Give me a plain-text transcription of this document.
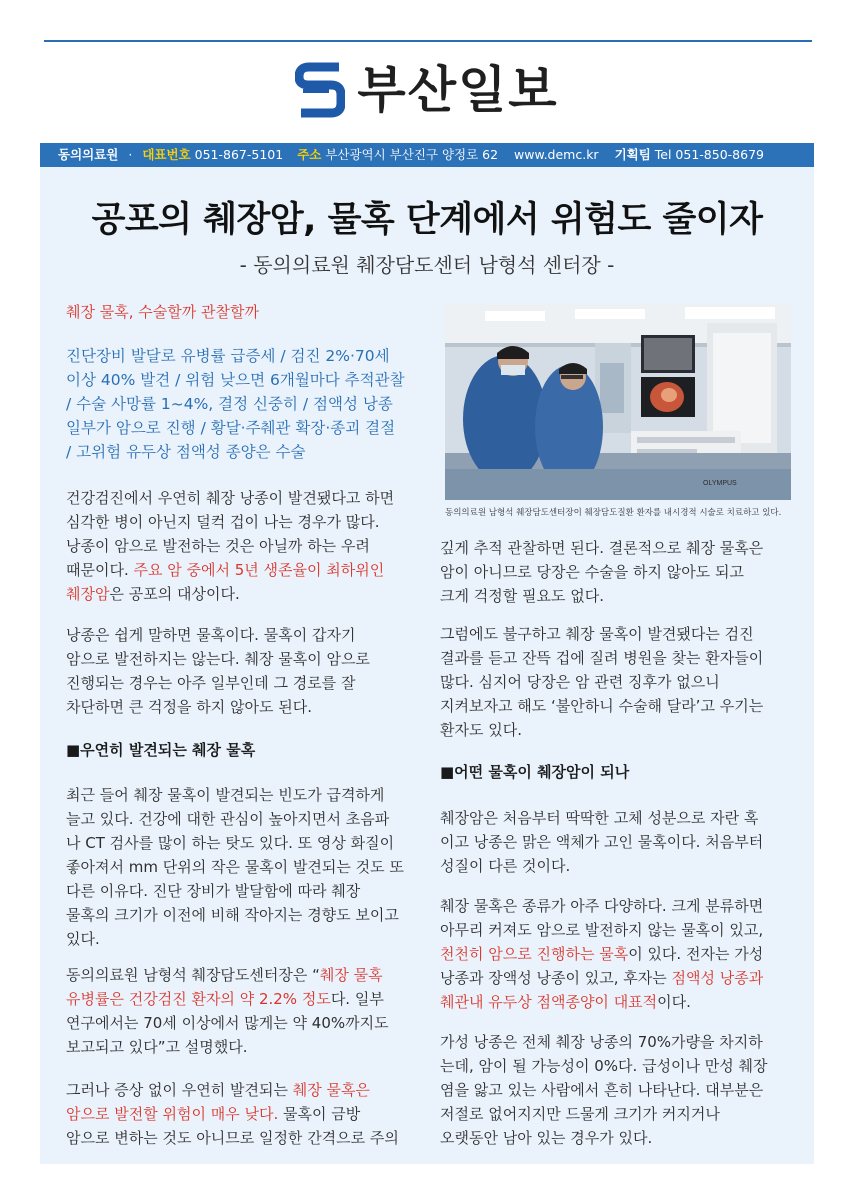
부산일보
동의의료원 · 대표번호 051-867-5101 주소 부산광역시 부산진구 양정로 62 www.demc.kr 기획팀 Tel 051-850-8679
공포의 췌장암, 물혹 단계에서 위험도 줄이자
- 동의의료원 췌장담도센터 남형석 센터장 -
췌장 물혹, 수술할까 관찰할까
진단장비 발달로 유병률 급증세 / 검진 2%·70세
이상 40% 발견 / 위험 낮으면 6개월마다 추적관찰
/ 수술 사망률 1~4%, 결정 신중히 / 점액성 낭종
일부가 암으로 진행 / 황달·주췌관 확장·종괴 결절
/ 고위험 유두상 점액성 종양은 수술
건강검진에서 우연히 췌장 낭종이 발견됐다고 하면
심각한 병이 아닌지 덜컥 겁이 나는 경우가 많다.
낭종이 암으로 발전하는 것은 아닐까 하는 우려
때문이다. 주요 암 중에서 5년 생존율이 최하위인
췌장암은 공포의 대상이다.
낭종은 쉽게 말하면 물혹이다. 물혹이 갑자기
암으로 발전하지는 않는다. 췌장 물혹이 암으로
진행되는 경우는 아주 일부인데 그 경로를 잘
차단하면 큰 걱정을 하지 않아도 된다.
■우연히 발견되는 췌장 물혹
최근 들어 췌장 물혹이 발견되는 빈도가 급격하게
늘고 있다. 건강에 대한 관심이 높아지면서 초음파
나 CT 검사를 많이 하는 탓도 있다. 또 영상 화질이
좋아져서 mm 단위의 작은 물혹이 발견되는 것도 또
다른 이유다. 진단 장비가 발달함에 따라 췌장
물혹의 크기가 이전에 비해 작아지는 경향도 보이고
있다.
동의의료원 남형석 췌장담도센터장은 “췌장 물혹
유병률은 건강검진 환자의 약 2.2% 정도다. 일부
연구에서는 70세 이상에서 많게는 약 40%까지도
보고되고 있다”고 설명했다.
그러나 증상 없이 우연히 발견되는 췌장 물혹은
암으로 발전할 위험이 매우 낮다. 물혹이 금방
암으로 변하는 것도 아니므로 일정한 간격으로 주의
OLYMPUS
동의의료원 남형석 췌장담도센터장이 췌장담도질환 환자를 내시경적 시술로 치료하고 있다.
깊게 추적 관찰하면 된다. 결론적으로 췌장 물혹은
암이 아니므로 당장은 수술을 하지 않아도 되고
크게 걱정할 필요도 없다.
그럼에도 불구하고 췌장 물혹이 발견됐다는 검진
결과를 듣고 잔뜩 겁에 질려 병원을 찾는 환자들이
많다. 심지어 당장은 암 관련 징후가 없으니
지켜보자고 해도 ‘불안하니 수술해 달라’고 우기는
환자도 있다.
■어떤 물혹이 췌장암이 되나
췌장암은 처음부터 딱딱한 고체 성분으로 자란 혹
이고 낭종은 맑은 액체가 고인 물혹이다. 처음부터
성질이 다른 것이다.
췌장 물혹은 종류가 아주 다양하다. 크게 분류하면
아무리 커져도 암으로 발전하지 않는 물혹이 있고,
천천히 암으로 진행하는 물혹이 있다. 전자는 가성
낭종과 장액성 낭종이 있고, 후자는 점액성 낭종과
췌관내 유두상 점액종양이 대표적이다.
가성 낭종은 전체 췌장 낭종의 70%가량을 차지하
는데, 암이 될 가능성이 0%다. 급성이나 만성 췌장
염을 앓고 있는 사람에서 흔히 나타난다. 대부분은
저절로 없어지지만 드물게 크기가 커지거나
오랫동안 남아 있는 경우가 있다.
